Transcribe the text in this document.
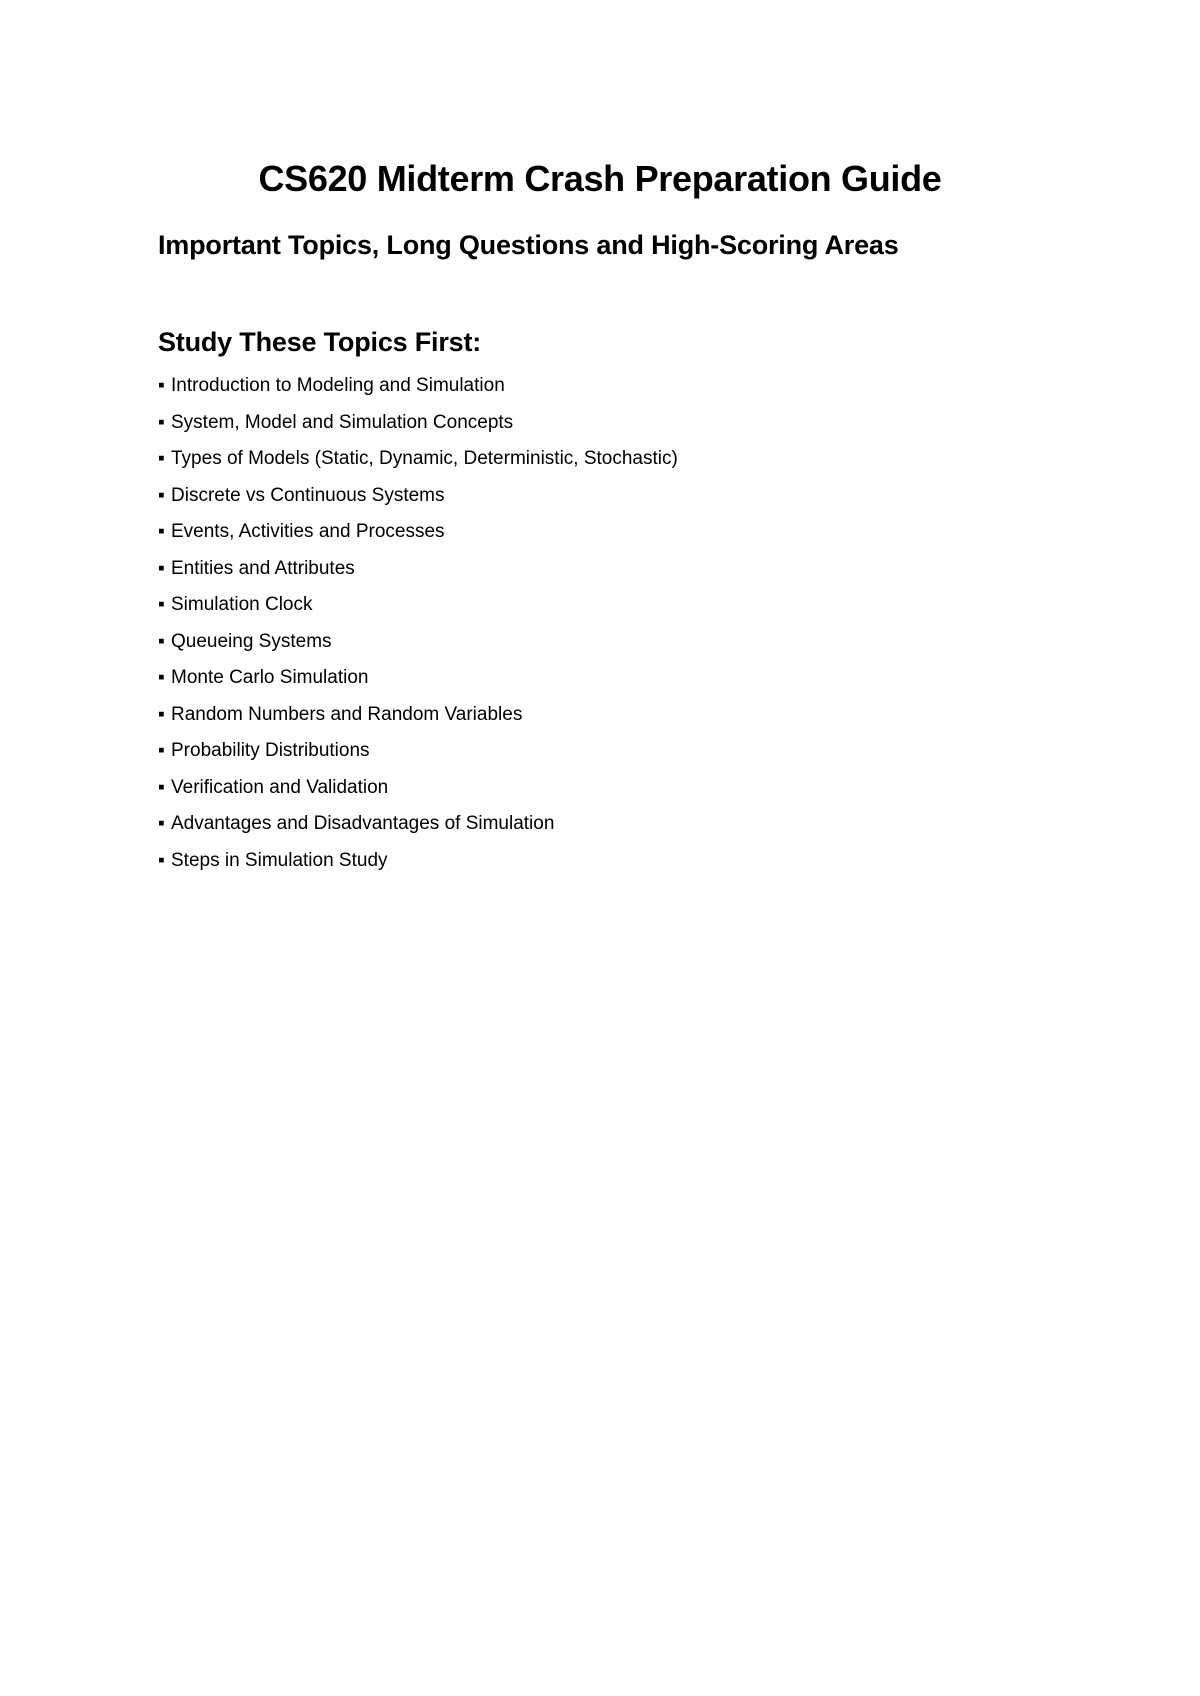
CS620 Midterm Crash Preparation Guide
Important Topics, Long Questions and High-Scoring Areas
Study These Topics First:
▪ Introduction to Modeling and Simulation
▪ System, Model and Simulation Concepts
▪ Types of Models (Static, Dynamic, Deterministic, Stochastic)
▪ Discrete vs Continuous Systems
▪ Events, Activities and Processes
▪ Entities and Attributes
▪ Simulation Clock
▪ Queueing Systems
▪ Monte Carlo Simulation
▪ Random Numbers and Random Variables
▪ Probability Distributions
▪ Verification and Validation
▪ Advantages and Disadvantages of Simulation
▪ Steps in Simulation Study
